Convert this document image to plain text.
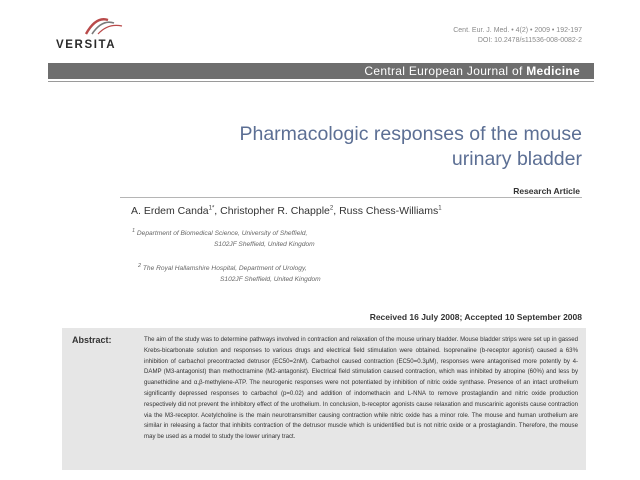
VERSITA
Cent. Eur. J. Med. • 4(2) • 2009 • 192-197
DOI: 10.2478/s11536-008-0082-2
Central European Journal of Medicine
Pharmacologic responses of the mouse
urinary bladder
Research Article
A. Erdem Canda$^{1*}$, Christopher R. Chapple$^2$, Russ Chess-Williams$^1$
$^1$ Department of Biomedical Science, University of Sheffield,
S102JF Sheffield, United Kingdom
$^2$ The Royal Hallamshire Hospital, Department of Urology,
S102JF Sheffield, United Kingdom
Received 16 July 2008; Accepted 10 September 2008
Abstract:	The aim of the study was to determine pathways involved in contraction and relaxation of the mouse urinary bladder. Mouse bladder strips were set up in gassed Krebs-bicarbonate solution and responses to various drugs and electrical field stimulation were obtained. Isoprenaline (b-receptor agonist) caused a 63% inhibition of carbachol precontracted detrusor (EC50=2nM). Carbachol caused contraction (EC50=0.3μM), responses were antagonised more potently by 4-DAMP (M3-antagonist) than methoctramine (M2-antagonist). Electrical field stimulation caused contraction, which was inhibited by atropine (60%) and less by guanethidine and α,β-methylene-ATP. The neurogenic responses were not potentiated by inhibition of nitric oxide synthase. Presence of an intact urothelium significantly depressed responses to carbachol (p=0.02) and addition of indomethacin and L-NNA to remove prostaglandin and nitric oxide production respectively did not prevent the inhibitory effect of the urothelium. In conclusion, b-receptor agonists cause relaxation and muscarinic agonists cause contraction via the M3-receptor. Acetylcholine is the main neurotransmitter causing contraction while nitric oxide has a minor role. The mouse and human urothelium are similar in releasing a factor that inhibits contraction of the detrusor muscle which is unidentified but is not nitric oxide or a prostaglandin. Therefore, the mouse may be used as a model to study the lower urinary tract.
